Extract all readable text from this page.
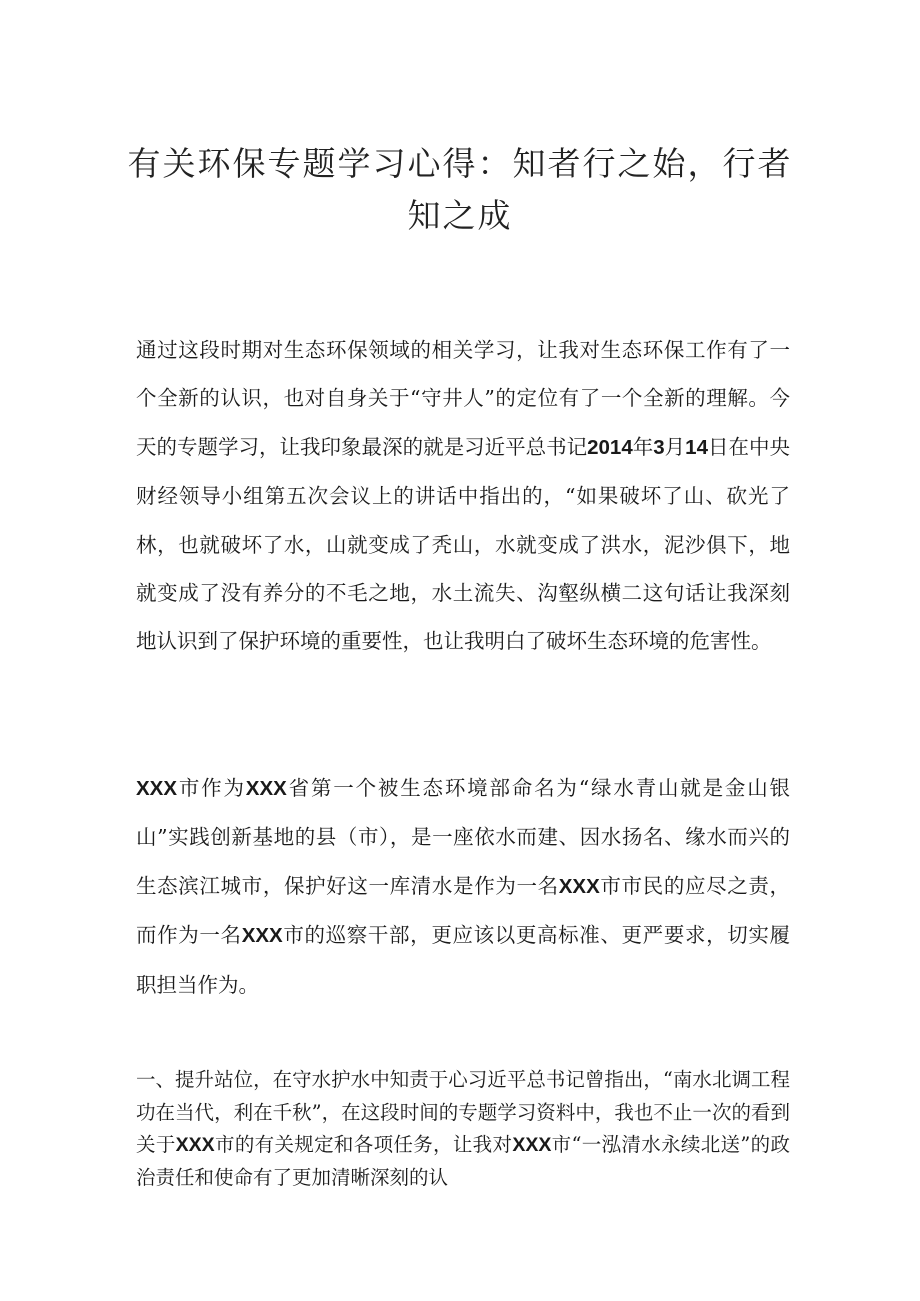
有关环保专题学习心得：知者行之始，行者知之成

通过这段时期对生态环保领域的相关学习，让我对生态环保工作有了一个全新的认识，也对自身关于“守井人”的定位有了一个全新的理解。今天的专题学习，让我印象最深的就是习近平总书记2014年3月14日在中央财经领导小组第五次会议上的讲话中指出的，“如果破坏了山、砍光了林，也就破坏了水，山就变成了秃山，水就变成了洪水，泥沙俱下，地就变成了没有养分的不毛之地，水土流失、沟壑纵横二这句话让我深刻地认识到了保护环境的重要性，也让我明白了破坏生态环境的危害性。

XXX市作为XXX省第一个被生态环境部命名为“绿水青山就是金山银山”实践创新基地的县（市），是一座依水而建、因水扬名、缘水而兴的生态滨江城市，保护好这一库清水是作为一名XXX市市民的应尽之责，而作为一名XXX市的巡察干部，更应该以更高标准、更严要求，切实履职担当作为。

一、提升站位，在守水护水中知责于心习近平总书记曾指出，“南水北调工程功在当代，利在千秋”，在这段时间的专题学习资料中，我也不止一次的看到关于XXX市的有关规定和各项任务，让我对XXX市“一泓清水永续北送”的政治责任和使命有了更加清晰深刻的认
